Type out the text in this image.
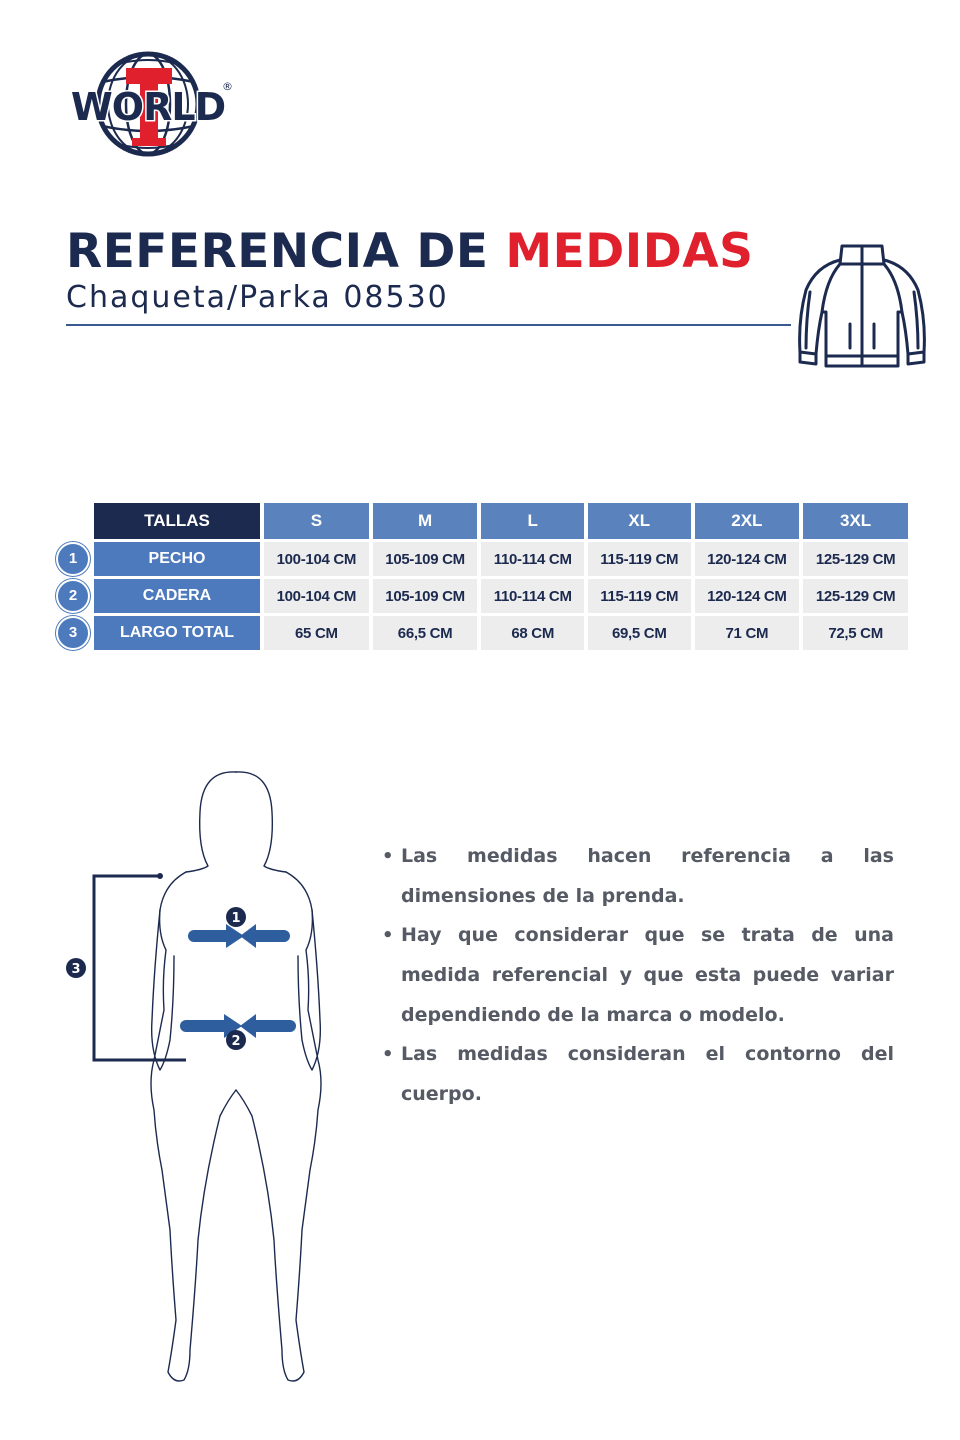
WORLD
®
REFERENCIA DE MEDIDAS
Chaqueta/Parka 08530
	TALLAS	S	M	L	XL	2XL	3XL
1	PECHO	100-104 CM	105-109 CM	110-114 CM	115-119 CM	120-124 CM	125-129 CM
2	CADERA	100-104 CM	105-109 CM	110-114 CM	115-119 CM	120-124 CM	125-129 CM
3	LARGO TOTAL	65 CM	66,5 CM	68 CM	69,5 CM	71 CM	72,5 CM
3
1
2
• Las medidas hacen referencia a las dimensiones de la prenda.
• Hay que considerar que se trata de una medida referencial y que esta puede variar dependiendo de la marca o modelo.
• Las medidas consideran el contorno del cuerpo.
